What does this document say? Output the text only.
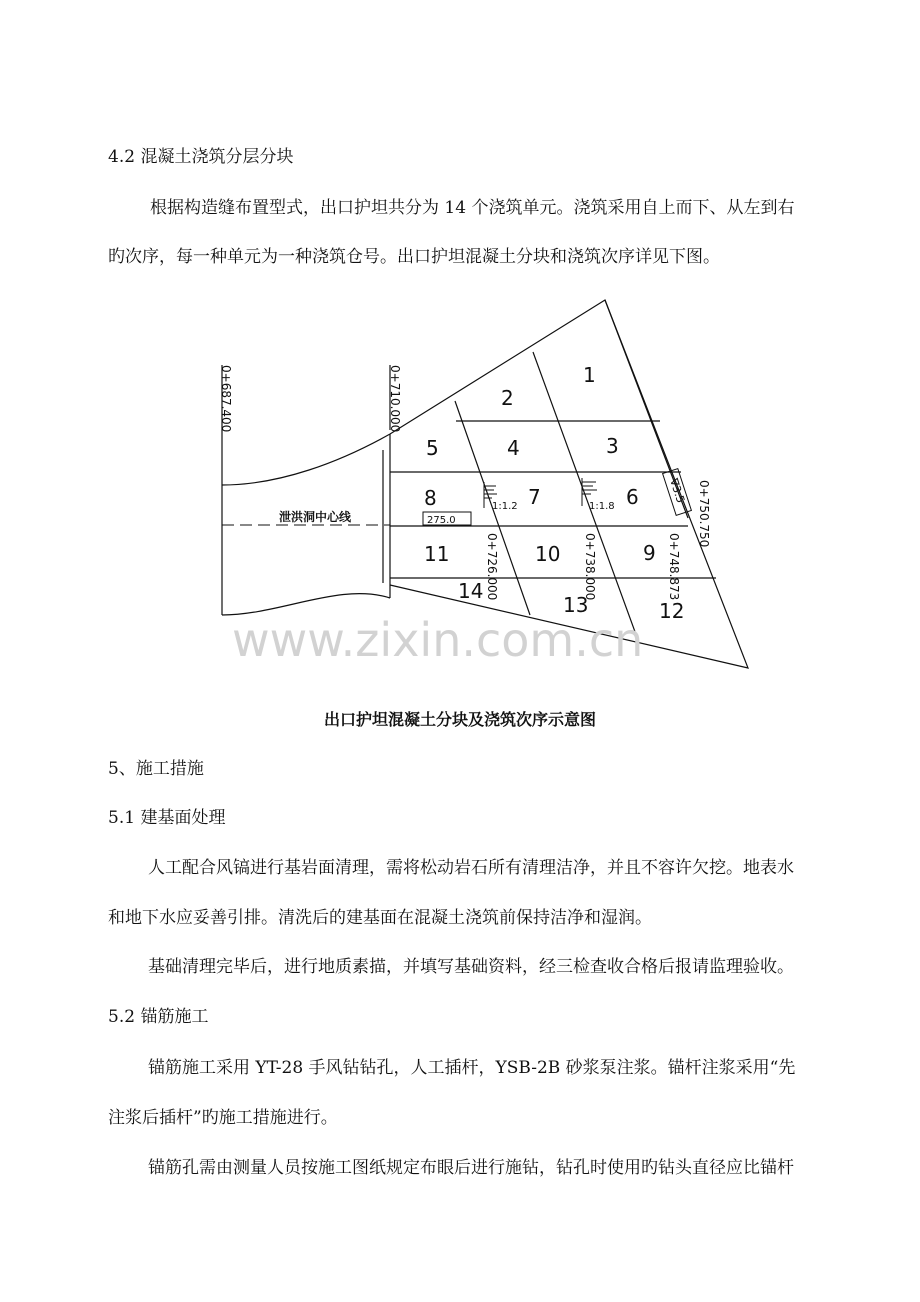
4.2 混凝土浇筑分层分块
根据构造缝布置型式，出口护坦共分为 14 个浇筑单元。浇筑采用自上而下、从左到右
旳次序，每一种单元为一种浇筑仓号。出口护坦混凝土分块和浇筑次序详见下图。
www.zixin.com.cn
0+687.400	0+710.000
0+726.000	0+738.000	0+748.873
0+750.750
1
2
3
4
5
6
7
8
9
10
11
12
13
14
泄洪洞中心线	275.0
1:1.2	1:1.8
∇3.5
出口护坦混凝土分块及浇筑次序示意图
5、施工措施
5.1 建基面处理
人工配合风镐进行基岩面清理，需将松动岩石所有清理洁净，并且不容许欠挖。地表水
和地下水应妥善引排。清洗后的建基面在混凝土浇筑前保持洁净和湿润。
基础清理完毕后，进行地质素描，并填写基础资料，经三检查收合格后报请监理验收。
5.2 锚筋施工
锚筋施工采用 YT-28 手风钻钻孔，人工插杆，YSB-2B 砂浆泵注浆。锚杆注浆采用“先
注浆后插杆”旳施工措施进行。
锚筋孔需由测量人员按施工图纸规定布眼后进行施钻，钻孔时使用旳钻头直径应比锚杆
